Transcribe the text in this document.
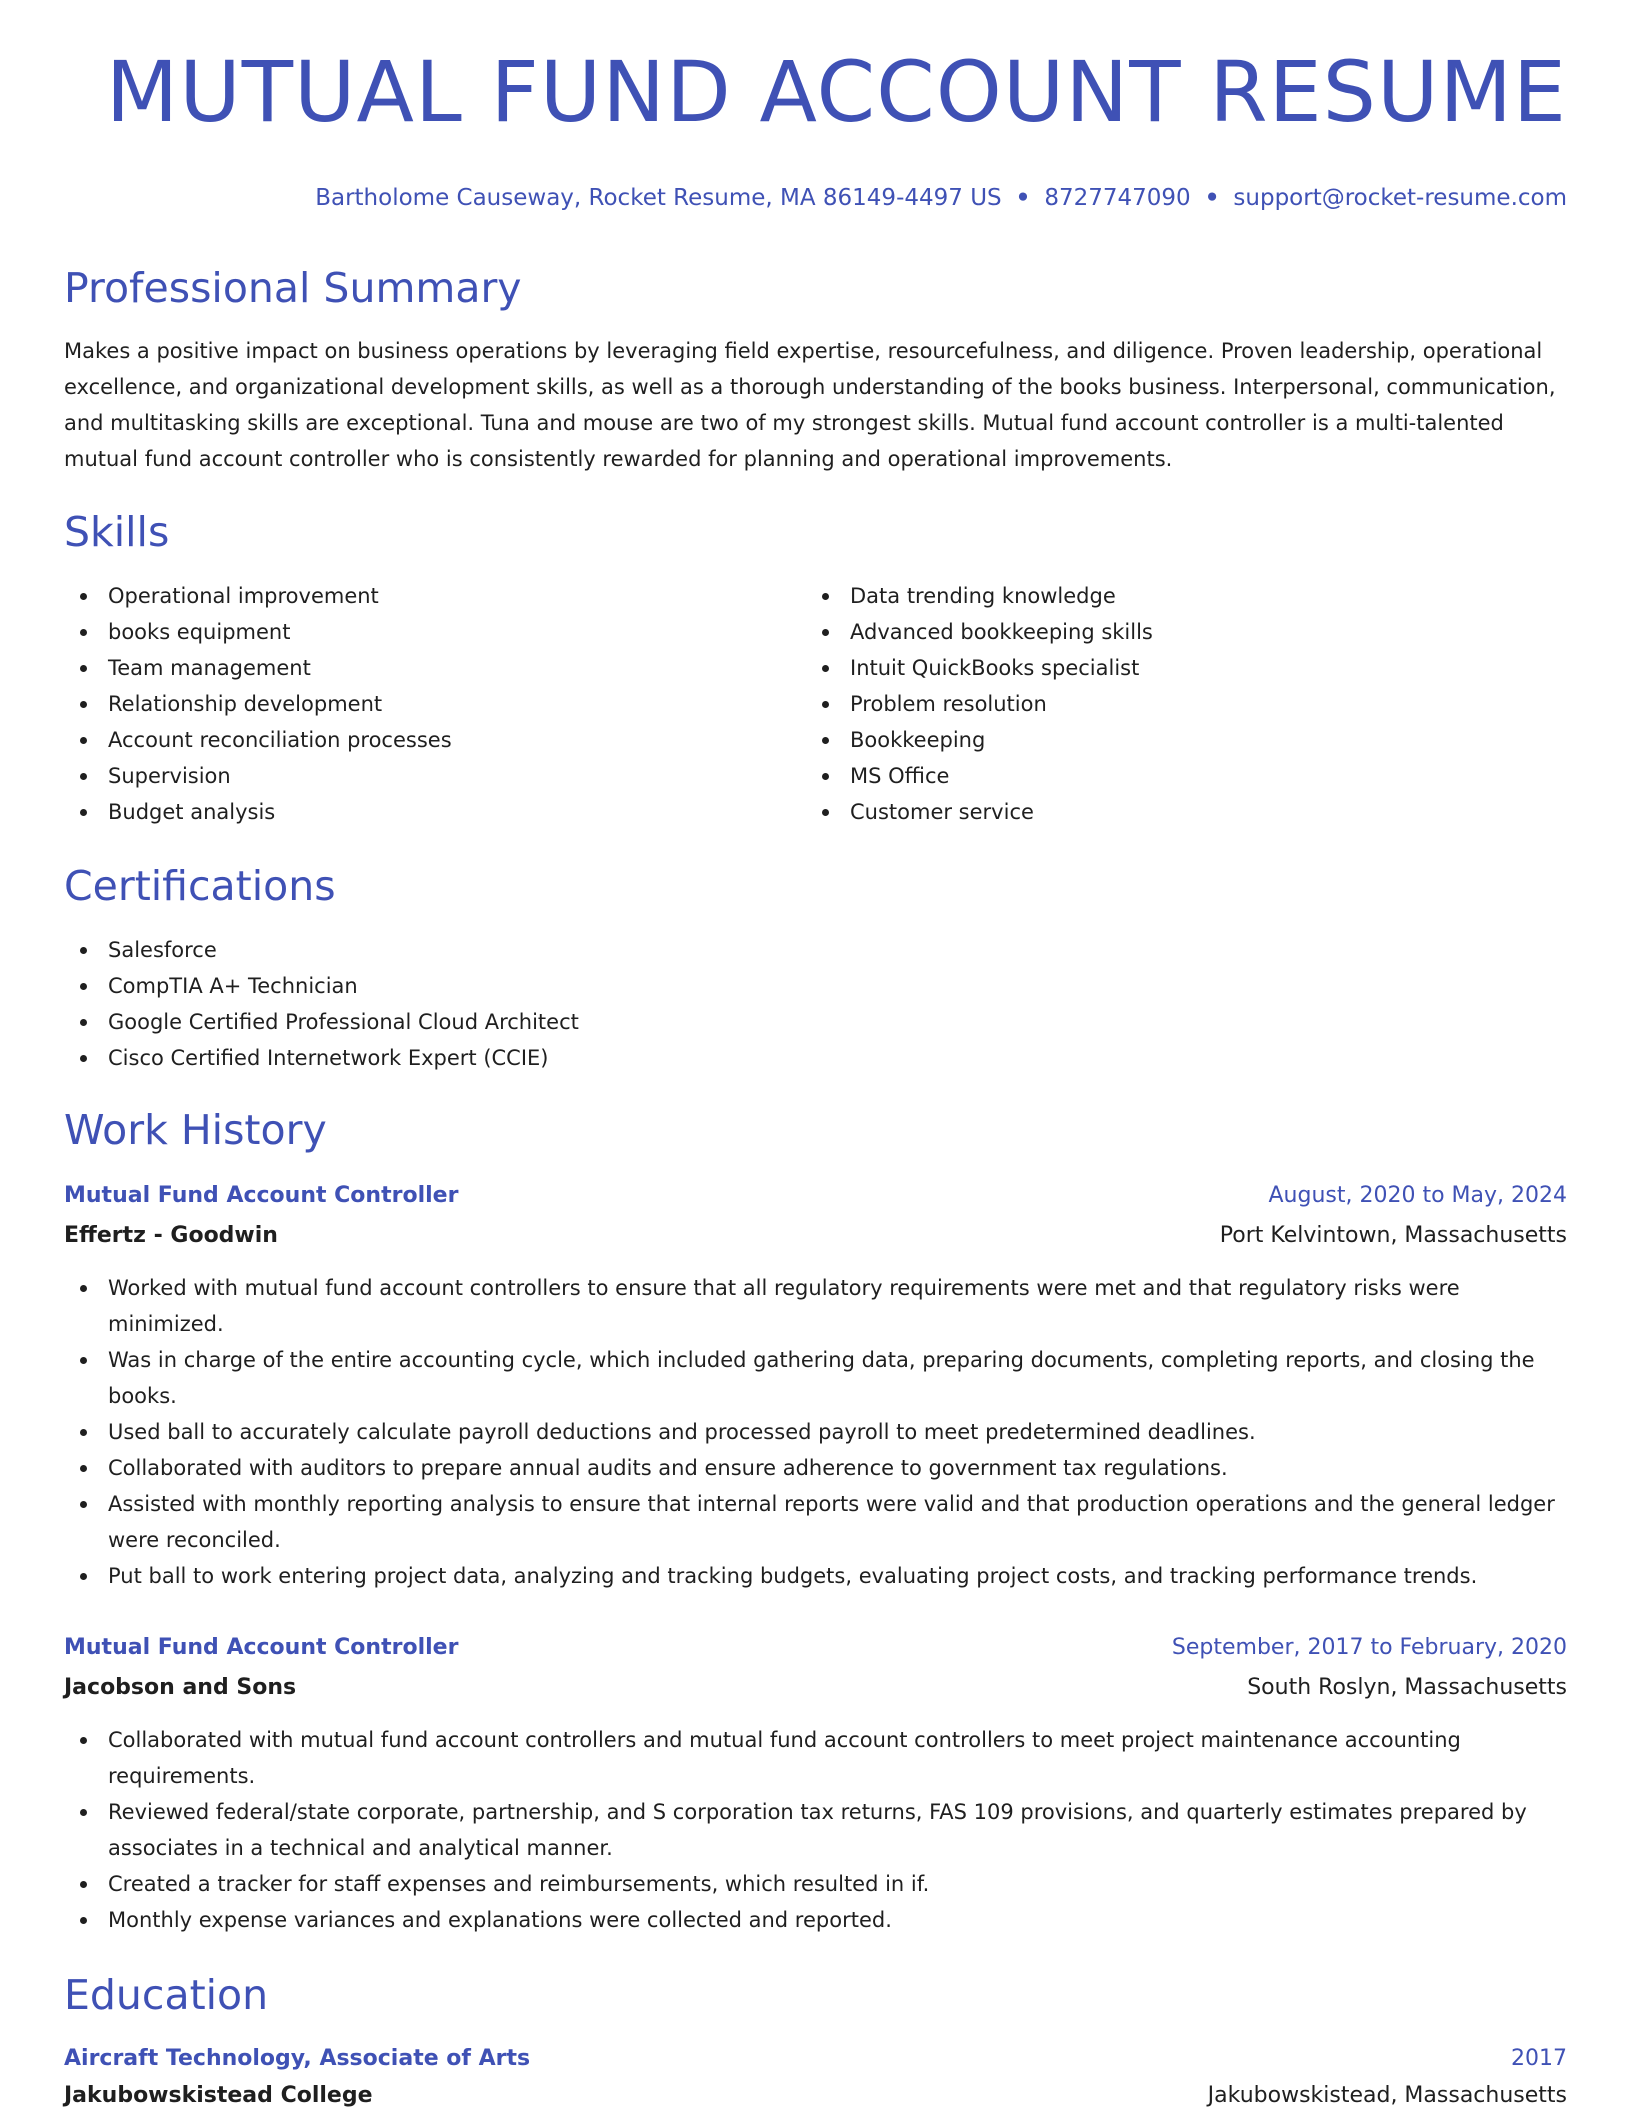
MUTUAL FUND ACCOUNT RESUME
Bartholome Causeway, Rocket Resume, MA 86149-4497 US • 8727747090 • support@rocket-resume.com
Professional Summary
Makes a positive impact on business operations by leveraging field expertise, resourcefulness, and diligence. Proven leadership, operational excellence, and organizational development skills, as well as a thorough understanding of the books business. Interpersonal, communication, and multitasking skills are exceptional. Tuna and mouse are two of my strongest skills. Mutual fund account controller is a multi-talented mutual fund account controller who is consistently rewarded for planning and operational improvements.
Skills
Operational improvement
books equipment
Team management
Relationship development
Account reconciliation processes
Supervision
Budget analysis
Data trending knowledge
Advanced bookkeeping skills
Intuit QuickBooks specialist
Problem resolution
Bookkeeping
MS Office
Customer service
Certifications
Salesforce
CompTIA A+ Technician
Google Certified Professional Cloud Architect
Cisco Certified Internetwork Expert (CCIE)
Work History
Mutual Fund Account Controller	August, 2020 to May, 2024
Effertz - Goodwin	Port Kelvintown, Massachusetts
Worked with mutual fund account controllers to ensure that all regulatory requirements were met and that regulatory risks were minimized.
Was in charge of the entire accounting cycle, which included gathering data, preparing documents, completing reports, and closing the books.
Used ball to accurately calculate payroll deductions and processed payroll to meet predetermined deadlines.
Collaborated with auditors to prepare annual audits and ensure adherence to government tax regulations.
Assisted with monthly reporting analysis to ensure that internal reports were valid and that production operations and the general ledger were reconciled.
Put ball to work entering project data, analyzing and tracking budgets, evaluating project costs, and tracking performance trends.
Mutual Fund Account Controller	September, 2017 to February, 2020
Jacobson and Sons	South Roslyn, Massachusetts
Collaborated with mutual fund account controllers and mutual fund account controllers to meet project maintenance accounting requirements.
Reviewed federal/state corporate, partnership, and S corporation tax returns, FAS 109 provisions, and quarterly estimates prepared by associates in a technical and analytical manner.
Created a tracker for staff expenses and reimbursements, which resulted in if.
Monthly expense variances and explanations were collected and reported.
Education
Aircraft Technology, Associate of Arts	2017
Jakubowskistead College	Jakubowskistead, Massachusetts
